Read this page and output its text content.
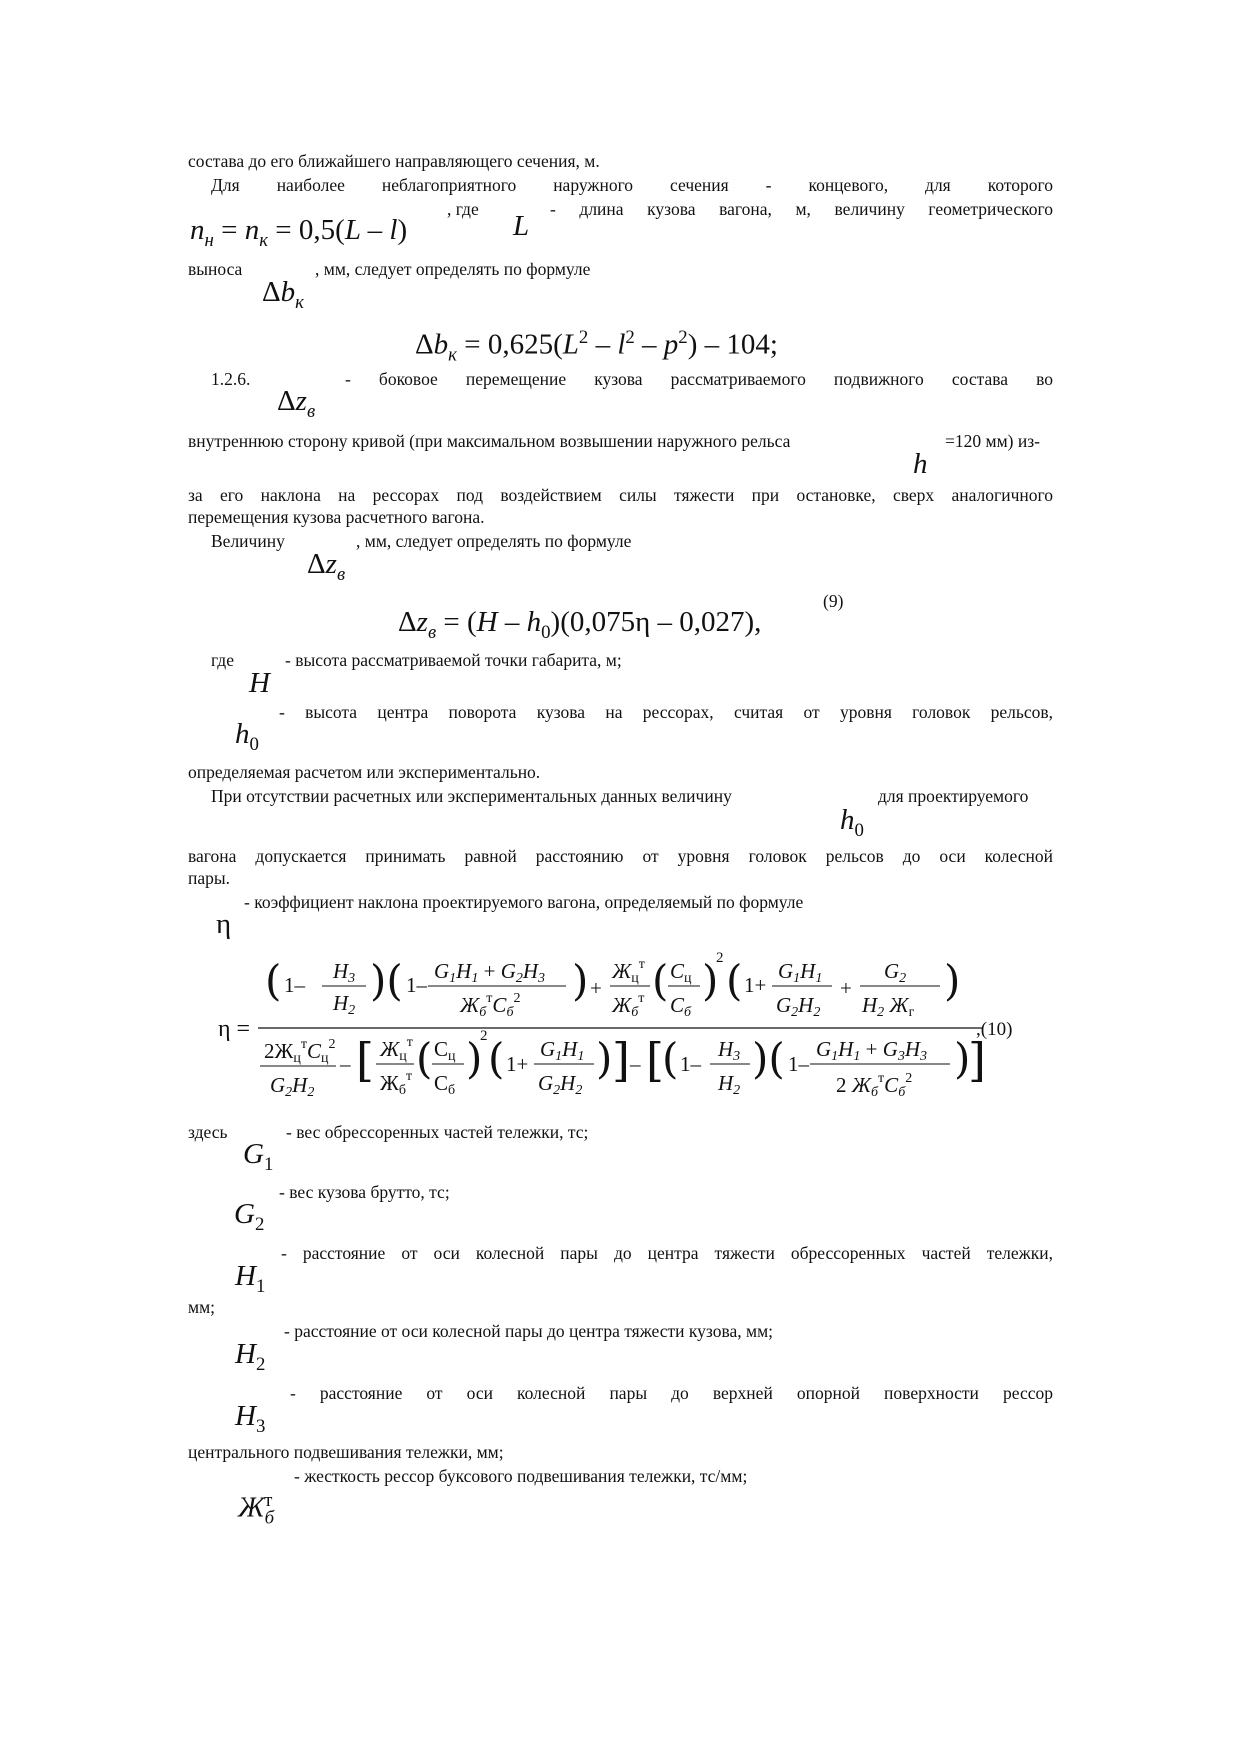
состава до его ближайшего направляющего сечения, м.
Для наиболее неблагоприятного наружного сечения - концевого, для которого
$n_н = n_к = 0,5(L - l)$
, где
L
- длина кузова вагона, м, величину геометрического
выноса	, мм, следует определять по формуле
$\Delta b_к$
$\Delta b_к = 0,625(L^2 - l^2 - p^2) - 104$;
1.2.6.	- боковое перемещение кузова рассматриваемого подвижного состава во
$\Delta z_в$
внутреннюю сторону кривой (при максимальном возвышении наружного рельса	=120 мм) из-
h
за его наклона на рессорах под воздействием силы тяжести при остановке, сверх аналогичного
перемещения кузова расчетного вагона.
Величину	, мм, следует определять по формуле
$\Delta z_в$
$\Delta z_в = (H - h_0)(0,075\eta - 0,027)$,
(9)
где	- высота рассматриваемой точки габарита, м;
H
- высота центра поворота кузова на рессорах, считая от уровня головок рельсов,
$h_0$
определяемая расчетом или экспериментально.
При отсутствии расчетных или экспериментальных данных величину	для проектируемого
$h_0$
вагона допускается принимать равной расстоянию от уровня головок рельсов до оси колесной
пары.
- коэффициент наклона проектируемого вагона, определяемый по формуле
η
η =
( 1–
H3
H2
)( 1–
G1H1 + G2H3
$Жб^тCб^2$ ) +
$Жц^т$
$Жб^т$ ( Cц
Cб
)
2 ( 1+
G1H1
G2H2
+
G2
H2 Жг
)
$2Жц^тCц^2$
G2H2
– [ $Жц^т$
$Жб^т$ ( Cц
Cб
)
2 ( 1+
G1H1
G2H2
) ] – [
( 1–
H3
H2
)( 1–
G1H1 + G3H3
2 $Жб^тCб^2$ )
]
,(10)
здесь	- вес обрессоренных частей тележки, тс;
$G_1$
- вес кузова брутто, тс;
$G_2$
- расстояние от оси колесной пары до центра тяжести обрессоренных частей тележки,
$H_1$
мм;
- расстояние от оси колесной пары до центра тяжести кузова, мм;
$H_2$
- расстояние от оси колесной пары до верхней опорной поверхности рессор
$H_3$
центрального подвешивания тележки, мм;
- жесткость рессор буксового подвешивания тележки, тс/мм;
$Ж_б^т$
